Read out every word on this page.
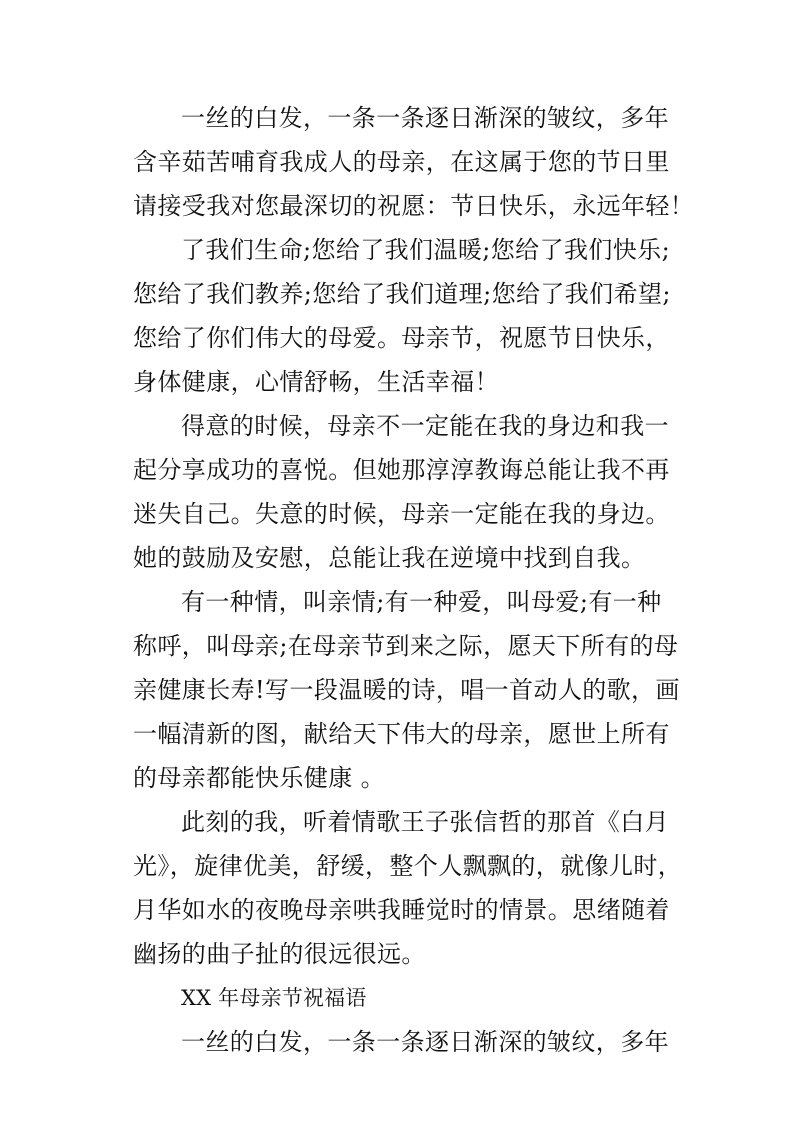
一丝的白发，一条一条逐日渐深的皱纹，多年
含辛茹苦哺育我成人的母亲，在这属于您的节日里
请接受我对您最深切的祝愿：节日快乐，永远年轻！
了我们生命;您给了我们温暖;您给了我们快乐;
您给了我们教养;您给了我们道理;您给了我们希望;
您给了你们伟大的母爱。母亲节，祝愿节日快乐，
身体健康，心情舒畅，生活幸福！
得意的时候，母亲不一定能在我的身边和我一
起分享成功的喜悦。但她那淳淳教诲总能让我不再
迷失自己。失意的时候，母亲一定能在我的身边。
她的鼓励及安慰，总能让我在逆境中找到自我。
有一种情，叫亲情;有一种爱，叫母爱;有一种
称呼，叫母亲;在母亲节到来之际，愿天下所有的母
亲健康长寿!写一段温暖的诗，唱一首动人的歌，画
一幅清新的图，献给天下伟大的母亲，愿世上所有
的母亲都能快乐健康 。
此刻的我，听着情歌王子张信哲的那首《白月
光》，旋律优美，舒缓，整个人飘飘的，就像儿时，
月华如水的夜晚母亲哄我睡觉时的情景。思绪随着
幽扬的曲子扯的很远很远。
XX 年母亲节祝福语
一丝的白发，一条一条逐日渐深的皱纹，多年
